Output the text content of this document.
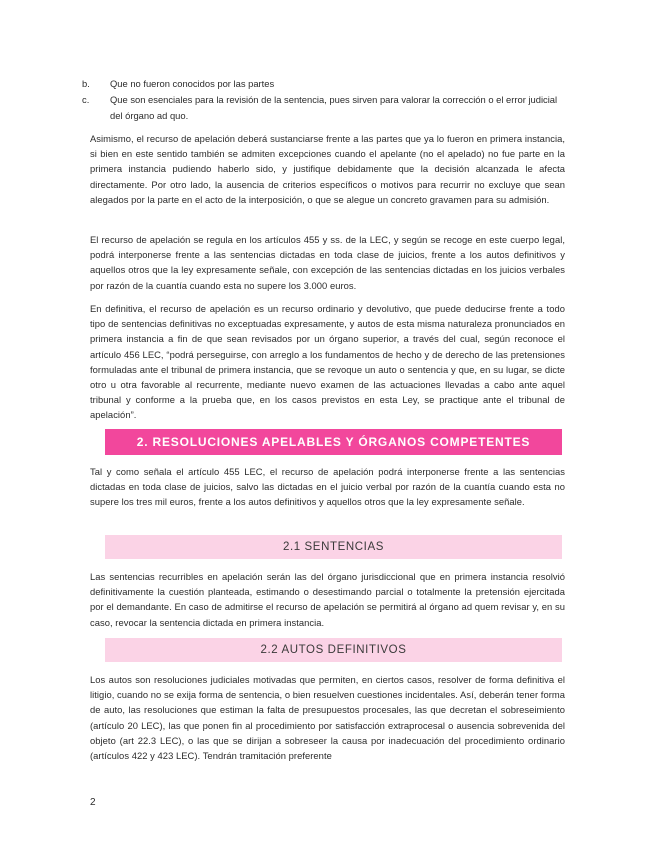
b.	Que no fueron conocidos por las partes
c.	Que son esenciales para la revisión de la sentencia, pues sirven para valorar la corrección o el error judicial del órgano ad quo.

Asimismo, el recurso de apelación deberá sustanciarse frente a las partes que ya lo fueron en primera instancia, si bien en este sentido también se admiten excepciones cuando el apelante (no el apelado) no fue parte en la primera instancia pudiendo haberlo sido, y justifique debidamente que la decisión alcanzada le afecta directamente. Por otro lado, la ausencia de criterios específicos o motivos para recurrir no excluye que sean alegados por la parte en el acto de la interposición, o que se alegue un concreto gravamen para su admisión.

El recurso de apelación se regula en los artículos 455 y ss. de la LEC, y según se recoge en este cuerpo legal, podrá interponerse frente a las sentencias dictadas en toda clase de juicios, frente a los autos definitivos y aquellos otros que la ley expresamente señale, con excepción de las sentencias dictadas en los juicios verbales por razón de la cuantía cuando esta no supere los 3.000 euros.

En definitiva, el recurso de apelación es un recurso ordinario y devolutivo, que puede deducirse frente a todo tipo de sentencias definitivas no exceptuadas expresamente, y autos de esta misma naturaleza pronunciados en primera instancia a fin de que sean revisados por un órgano superior, a través del cual, según reconoce el artículo 456 LEC, “podrá perseguirse, con arreglo a los fundamentos de hecho y de derecho de las pretensiones formuladas ante el tribunal de primera instancia, que se revoque un auto o sentencia y que, en su lugar, se dicte otro u otra favorable al recurrente, mediante nuevo examen de las actuaciones llevadas a cabo ante aquel tribunal y conforme a la prueba que, en los casos previstos en esta Ley, se practique ante el tribunal de apelación”.

2. RESOLUCIONES APELABLES Y ÓRGANOS COMPETENTES

Tal y como señala el artículo 455 LEC, el recurso de apelación podrá interponerse frente a las sentencias dictadas en toda clase de juicios, salvo las dictadas en el juicio verbal por razón de la cuantía cuando esta no supere los tres mil euros, frente a los autos definitivos y aquellos otros que la ley expresamente señale.

2.1 SENTENCIAS

Las sentencias recurribles en apelación serán las del órgano jurisdiccional que en primera instancia resolvió definitivamente la cuestión planteada, estimando o desestimando parcial o totalmente la pretensión ejercitada por el demandante. En caso de admitirse el recurso de apelación se permitirá al órgano ad quem revisar y, en su caso, revocar la sentencia dictada en primera instancia.

2.2 AUTOS DEFINITIVOS

Los autos son resoluciones judiciales motivadas que permiten, en ciertos casos, resolver de forma definitiva el litigio, cuando no se exija forma de sentencia, o bien resuelven cuestiones incidentales. Así, deberán tener forma de auto, las resoluciones que estiman la falta de presupuestos procesales, las que decretan el sobreseimiento (artículo 20 LEC), las que ponen fin al procedimiento por satisfacción extraprocesal o ausencia sobrevenida del objeto (art 22.3 LEC), o las que se dirijan a sobreseer la causa por inadecuación del procedimiento ordinario (artículos 422 y 423 LEC). Tendrán tramitación preferente

2
